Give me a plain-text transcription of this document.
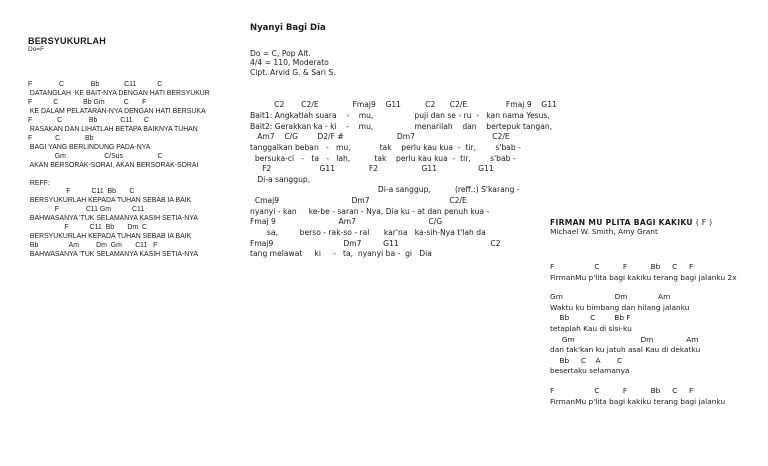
BERSYUKURLAH
Do=F
F              C              Bb             C11           C
DATANGLAH  KE BAIT-NYA DENGAN HATI BERSYUKUR
F           C             Bb Gm          C       F
KE DALAM PELATARAN-NYA DENGAN HATI BERSUKA
F             C              Bb            C11      C
RASAKAN DAN LIHATLAH BETAPA BAIKNYA TUHAN
F            C             Bb
BAGI YANG BERLINDUNG PADA-NYA
Gm                    C/Sus                  C
AKAN BERSORAK-SORAI, AKAN BERSORAK-SORAI
REFF:
F           C11  Bb       C
BERSYUKURLAH KEPADA TUHAN SEBAB IA BAIK
F              C11 Gm           C11
BAHWASANYA 'TUK SELAMANYA KASIH SETIA-NYA
F           C11  Bb       Dm  C
BERSYUKURLAH KEPADA TUHAN SEBAB IA BAIK
Bb                Am         Dm  Gm       C11   F
BAHWASANYA 'TUK SELAMANYA KASIH SETIA-NYA
Nyanyi Bagi Dia
Do = C, Pop Alt.
4/4 = 110, Moderato
Cipt. Arvid G. & Sari S.
C2       C2/E              Fmaj9    G11          C2      C2/E                Fmaj 9    G11
Bait1: Angkatlah suara    -    mu,                 puji dan se - ru  -   kan nama Yesus,
Bait2: Gerakkan ka - ki    -    mu,                 menarilah    dan    bertepuk tangan,
Am7    C/G        D2/F #                      Dm7                                C2/E
tanggalkan beban   -   mu,            tak    perlu kau kua  -  tir,        s'bab -
bersuka-ci   -   ta   -   lah,          tak    perlu kau kua  -  tir,        s'bab -
F2                    G11              F2                  G11                 G11
Di-a sanggup,
Di-a sanggup,          (reff.:) S'karang -
Cmaj9                              Dm7                                 C2/E
nyanyi - kan     ke-be - saran - Nya, Dia ku - at dan penuh kua -
Fmaj 9                          Am7                              C/G
sa,         berso - rak-so - ral      kar'na   ka-sih-Nya t'lah da
Fmaj9                             Dm7         G11                                      C2
tang melawat     ki     -   ta,  nyanyi ba -  gi   Dia
FIRMAN MU PLITA BAGI KAKIKU ( F )
Michael W. Smith, Amy Grant
F                 C          F          Bb     C     F
FirmanMu p'lita bagi kakiku terang bagi jalanku 2x
Gm                      Dm             Am
Waktu ku bimbang dan hilang jalanku
Bb         C        Bb F
tetaplah Kau di sisi-ku
Gm                            Dm              Am
dan tak'kan ku jatuh asal Kau di dekatku
Bb     C    A       C
besertaku selamanya
F                 C          F          Bb     C     F
FirmanMu p'lita bagi kakiku terang bagi jalanku
